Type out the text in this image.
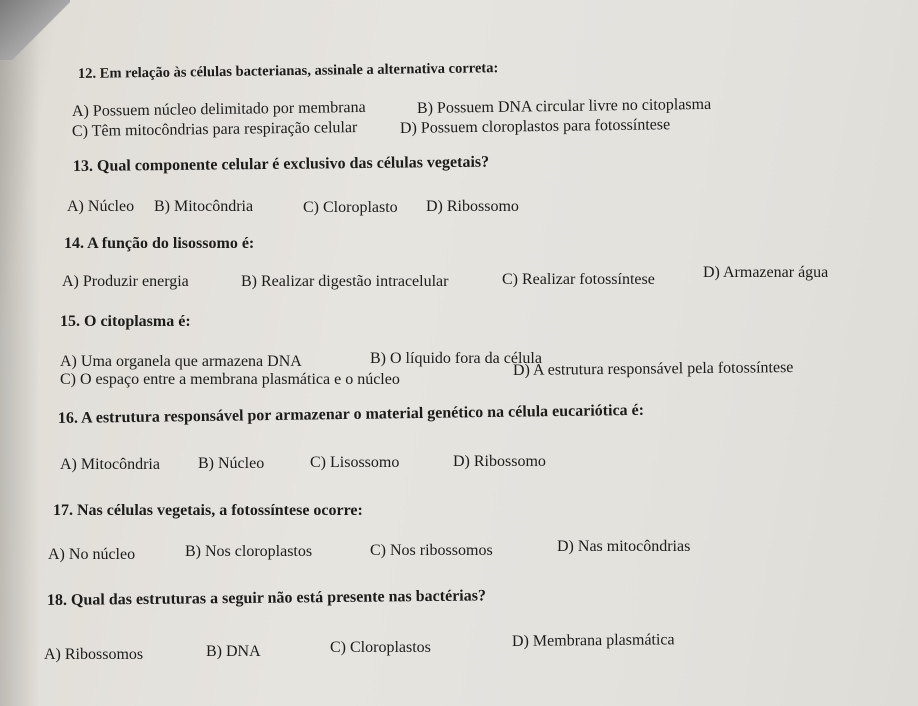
12. Em relação às células bacterianas, assinale a alternativa correta:
A) Possuem núcleo delimitado por membrana	B) Possuem DNA circular livre no citoplasma
C) Têm mitocôndrias para respiração celular	D) Possuem cloroplastos para fotossíntese
13. Qual componente celular é exclusivo das células vegetais?
A) Núcleo B) Mitocôndria	C) Cloroplasto D) Ribossomo
14. A função do lisossomo é:
A) Produzir energia	B) Realizar digestão intracelular	C) Realizar fotossíntese	D) Armazenar água
15. O citoplasma é:
A) Uma organela que armazena DNA	B) O líquido fora da célula
C) O espaço entre a membrana plasmática e o núcleo
D) A estrutura responsável pela fotossíntese
16. A estrutura responsável por armazenar o material genético na célula eucariótica é:
A) Mitocôndria B) Núcleo	C) Lisossomo	D) Ribossomo
17. Nas células vegetais, a fotossíntese ocorre:
A) No núcleo	B) Nos cloroplastos	C) Nos ribossomos	D) Nas mitocôndrias
18. Qual das estruturas a seguir não está presente nas bactérias?
A) Ribossomos	B) DNA	C) Cloroplastos	D) Membrana plasmática
